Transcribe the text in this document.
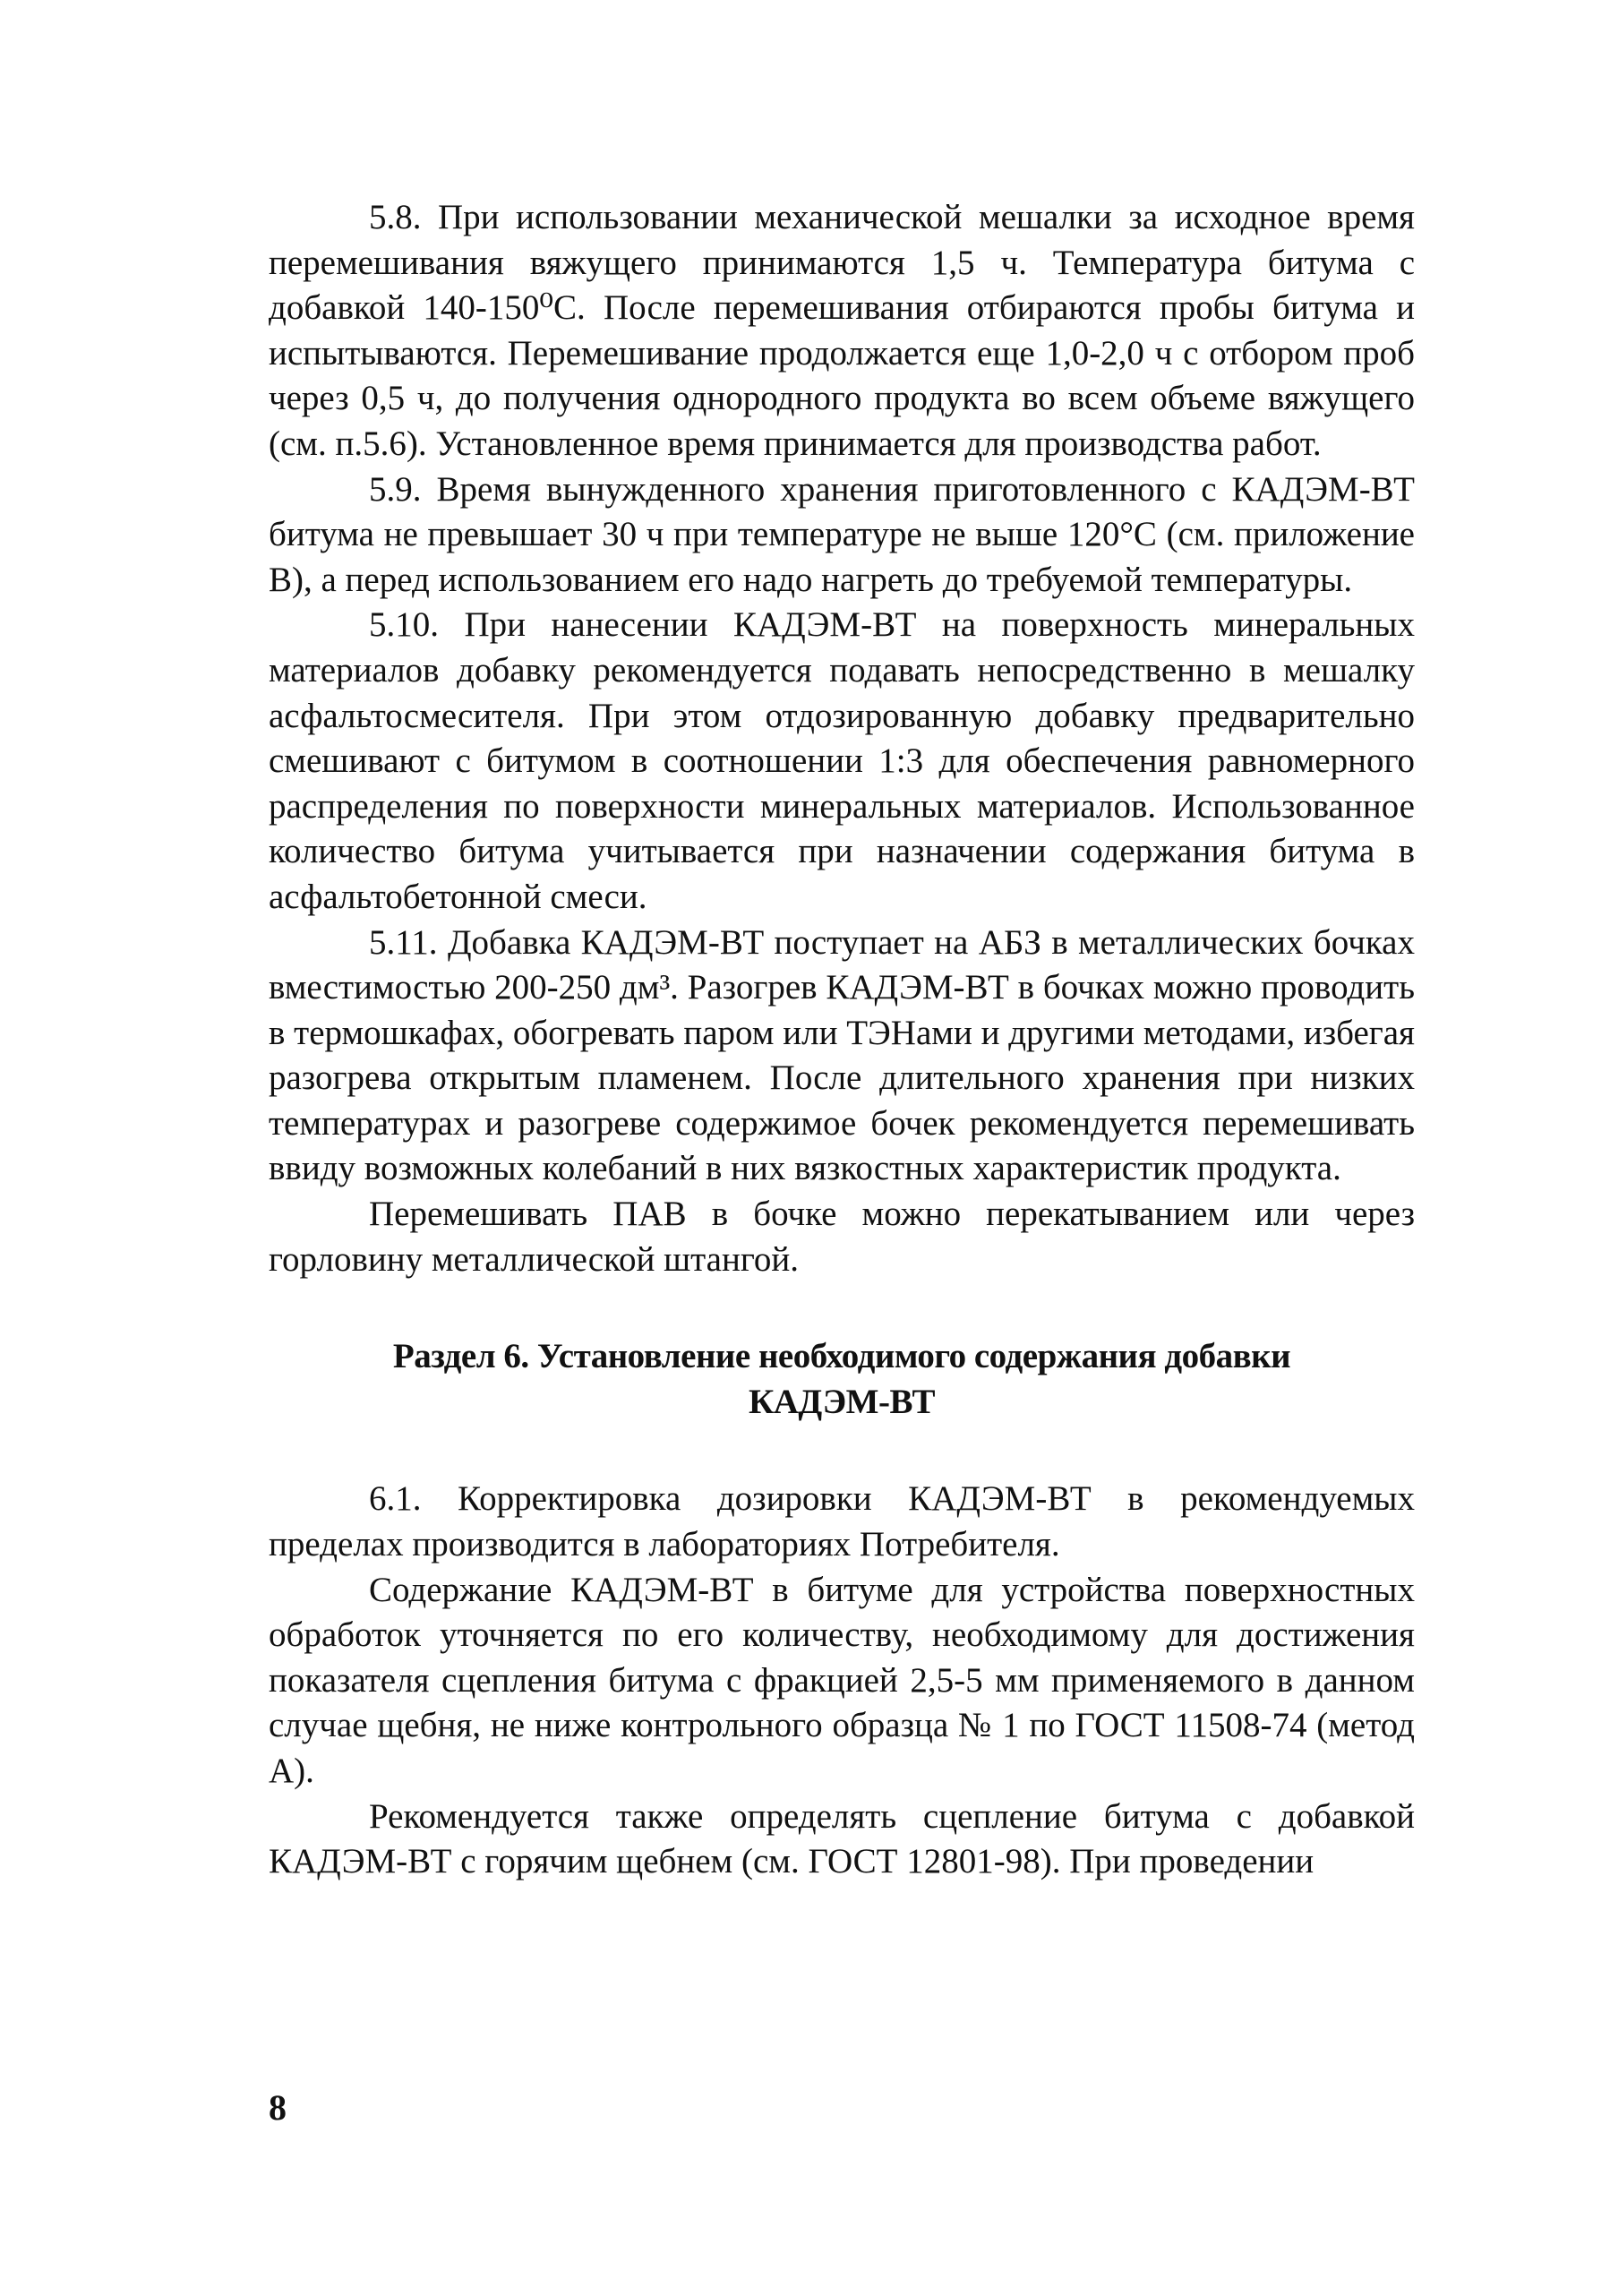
5.8. При использовании механической мешалки за исходное время перемешивания вяжущего принимаются 1,5 ч. Температура битума с добавкой 140-150⁰С. После перемешивания отбираются пробы битума и испытываются. Перемешивание продолжается еще 1,0-2,0 ч с отбором проб через 0,5 ч, до получения однородного продукта во всем объеме вяжущего (см. п.5.6). Установленное время принимается для производства работ.

5.9. Время вынужденного хранения приготовленного с КАДЭМ-ВТ битума не превышает 30 ч при температуре не выше 120°С (см. приложение В), а перед использованием его надо нагреть до требуемой температуры.

5.10. При нанесении КАДЭМ-ВТ на поверхность минеральных материалов добавку рекомендуется подавать непосредственно в мешалку асфальтосмесителя. При этом отдозированную добавку предварительно смешивают с битумом в соотношении 1:3 для обеспечения равномерного распределения по поверхности минеральных материалов. Использованное количество битума учитывается при назначении содержания битума в асфальтобетонной смеси.

5.11. Добавка КАДЭМ-ВТ поступает на АБЗ в металлических бочках вместимостью 200-250 дм³. Разогрев КАДЭМ-ВТ в бочках можно проводить в термошкафах, обогревать паром или ТЭНами и другими методами, избегая разогрева открытым пламенем. После длительного хранения при низких температурах и разогреве содержимое бочек рекомендуется перемешивать ввиду возможных колебаний в них вязкостных характеристик продукта.

Перемешивать ПАВ в бочке можно перекатыванием или через горловину металлической штангой.

Раздел 6. Установление необходимого содержания добавки
КАДЭМ-ВТ

6.1. Корректировка дозировки КАДЭМ-ВТ в рекомендуемых пределах производится в лабораториях Потребителя.

Содержание КАДЭМ-ВТ в битуме для устройства поверхностных обработок уточняется по его количеству, необходимому для достижения показателя сцепления битума с фракцией 2,5-5 мм применяемого в данном случае щебня, не ниже контрольного образца № 1 по ГОСТ 11508-74 (метод А).

Рекомендуется также определять сцепление битума с добавкой КАДЭМ-ВТ с горячим щебнем (см. ГОСТ 12801-98). При проведении

8
